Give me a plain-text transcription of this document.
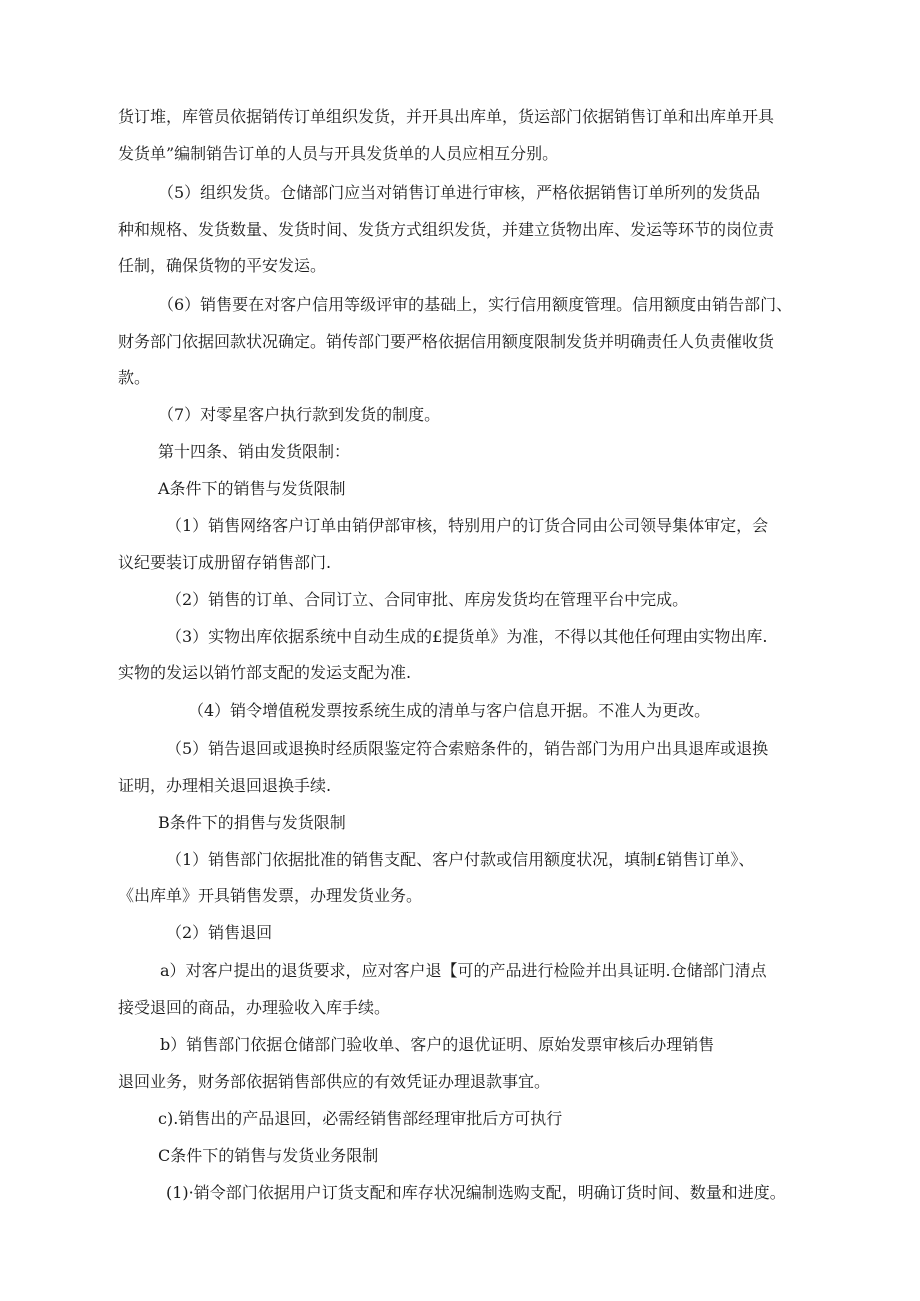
货订堆，库管员依据销传订单组织发货，并开具出库单，货运部门依据销售订单和出库单开具
发货单”编制销告订单的人员与开具发货单的人员应相互分别。
（5）组织发货。仓储部门应当对销售订单进行审核，严格依据销售订单所列的发货品
种和规格、发货数量、发货时间、发货方式组织发货，并建立货物出库、发运等环节的岗位责
任制，确保货物的平安发运。
（6）销售要在对客户信用等级评审的基础上，实行信用额度管理。信用额度由销告部门、
财务部门依据回款状况确定。销传部门要严格依据信用额度限制发货并明确责任人负责催收货
款。
（7）对零星客户执行款到发货的制度。
第十四条、销由发货限制：
A条件下的销售与发货限制
（1）销售网络客户订单由销伊部审核，特别用户的订货合同由公司领导集体审定，会
议纪要装订成册留存销售部门.
（2）销售的订单、合同订立、合同审批、库房发货均在管理平台中完成。
（3）实物出库依据系统中自动生成的£提货单》为准，不得以其他任何理由实物出库.
实物的发运以销竹部支配的发运支配为准.
（4）销令增值税发票按系统生成的清单与客户信息开据。不准人为更改。
（5）销告退回或退换时经质限鉴定符合索赔条件的，销告部门为用户出具退库或退换
证明，办理相关退回退换手续.
B条件下的捐售与发货限制
（1）销售部门依据批准的销售支配、客户付款或信用额度状况，填制£销售订单》、
《出库单》开具销售发票，办理发货业务。
（2）销售退回
a）对客户提出的退货要求，应对客户退【可的产品进行检险并出具证明.仓储部门清点
接受退回的商品，办理验收入库手续。
b）销售部门依据仓储部门验收单、客户的退优证明、原始发票审核后办理销售
退回业务，财务部依据销售部供应的有效凭证办理退款事宜。
c).销售出的产品退回，必需经销售部经理审批后方可执行
C条件下的销售与发货业务限制
(1)·销令部门依据用户订货支配和库存状况编制选购支配，明确订货时间、数量和进度。
